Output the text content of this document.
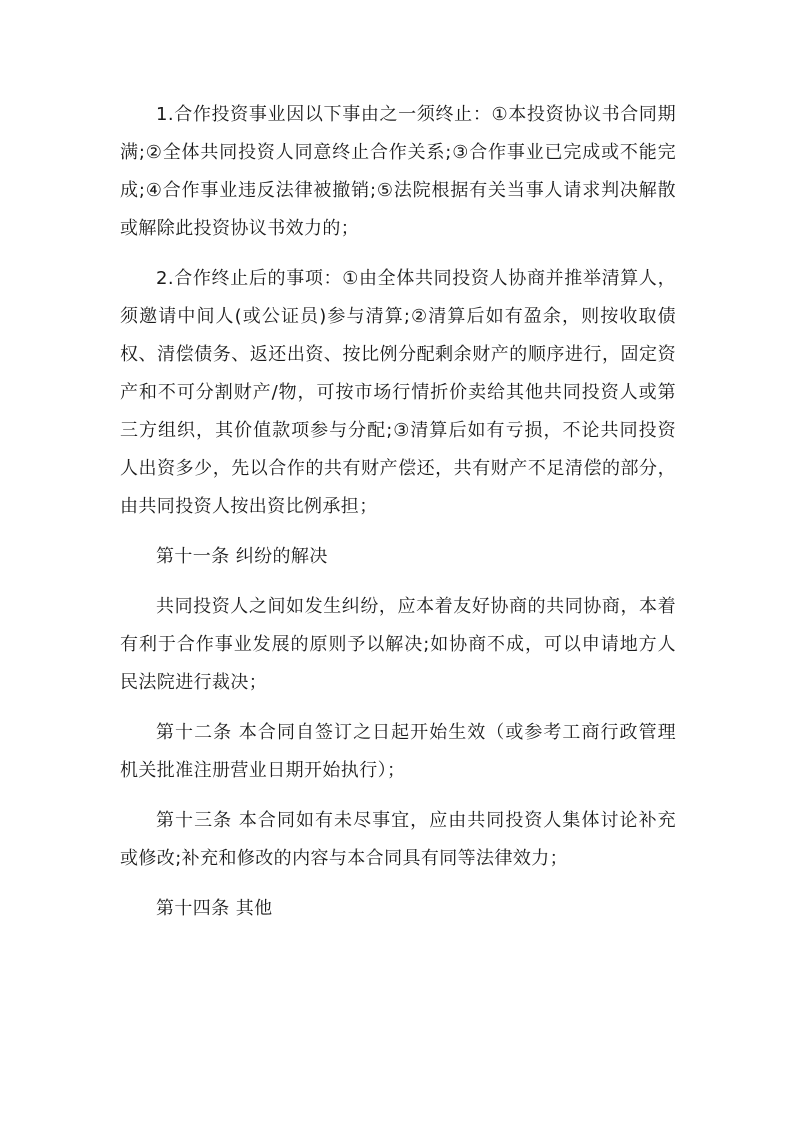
1.合作投资事业因以下事由之一须终止：①本投资协议书合同期满;②全体共同投资人同意终止合作关系;③合作事业已完成或不能完成;④合作事业违反法律被撤销;⑤法院根据有关当事人请求判决解散或解除此投资协议书效力的；

2.合作终止后的事项：①由全体共同投资人协商并推举清算人，须邀请中间人(或公证员)参与清算;②清算后如有盈余，则按收取债权、清偿债务、返还出资、按比例分配剩余财产的顺序进行，固定资产和不可分割财产/物，可按市场行情折价卖给其他共同投资人或第三方组织，其价值款项参与分配;③清算后如有亏损，不论共同投资人出资多少，先以合作的共有财产偿还，共有财产不足清偿的部分，由共同投资人按出资比例承担；

第十一条 纠纷的解决

共同投资人之间如发生纠纷，应本着友好协商的共同协商，本着有利于合作事业发展的原则予以解决;如协商不成，可以申请地方人民法院进行裁决；

第十二条 本合同自签订之日起开始生效（或参考工商行政管理机关批准注册营业日期开始执行）；

第十三条 本合同如有未尽事宜，应由共同投资人集体讨论补充或修改;补充和修改的内容与本合同具有同等法律效力；

第十四条 其他
